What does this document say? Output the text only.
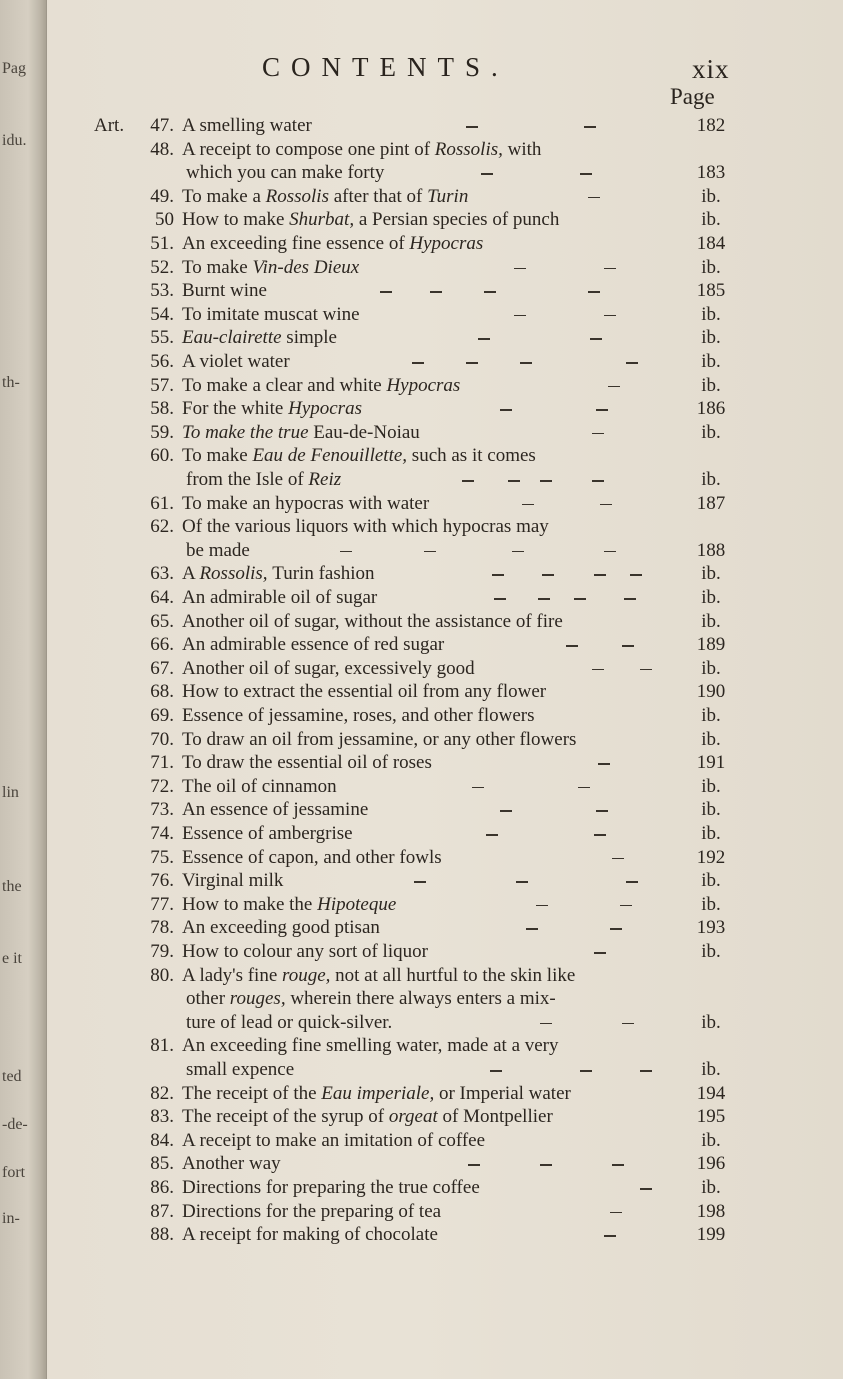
Pag
idu.
th-
lin
the
e it
ted
-de-
fort
in-
CONTENTS.	xix
Page
Art.	47. A smelling water	182
48. A receipt to compose one pint of Rossolis, with
which you can make forty	183
49. To make a Rossolis after that of Turin	ib.
50 How to make Shurbat, a Persian species of punch	ib.
51. An exceeding fine essence of Hypocras	184
52. To make Vin-des Dieux	ib.
53. Burnt wine	185
54. To imitate muscat wine	ib.
55. Eau-clairette simple	ib.
56. A violet water	ib.
57. To make a clear and white Hypocras	ib.
58. For the white Hypocras	186
59. To make the true Eau-de-Noiau	ib.
60. To make Eau de Fenouillette, such as it comes
from the Isle of Reiz	ib.
61. To make an hypocras with water	187
62. Of the various liquors with which hypocras may
be made	188
63. A Rossolis, Turin fashion	ib.
64. An admirable oil of sugar	ib.
65. Another oil of sugar, without the assistance of fire	ib.
66. An admirable essence of red sugar	189
67. Another oil of sugar, excessively good	ib.
68. How to extract the essential oil from any flower	190
69. Essence of jessamine, roses, and other flowers	ib.
70. To draw an oil from jessamine, or any other flowers	ib.
71. To draw the essential oil of roses	191
72. The oil of cinnamon	ib.
73. An essence of jessamine	ib.
74. Essence of ambergrise	ib.
75. Essence of capon, and other fowls	192
76. Virginal milk	ib.
77. How to make the Hipoteque	ib.
78. An exceeding good ptisan	193
79. How to colour any sort of liquor	ib.
80. A lady's fine rouge, not at all hurtful to the skin like
other rouges, wherein there always enters a mix-
ture of lead or quick-silver.	ib.
81. An exceeding fine smelling water, made at a very
small expence	ib.
82. The receipt of the Eau imperiale, or Imperial water	194
83. The receipt of the syrup of orgeat of Montpellier	195
84. A receipt to make an imitation of coffee	ib.
85. Another way	196
86. Directions for preparing the true coffee	ib.
87. Directions for the preparing of tea	198
88. A receipt for making of chocolate	199
